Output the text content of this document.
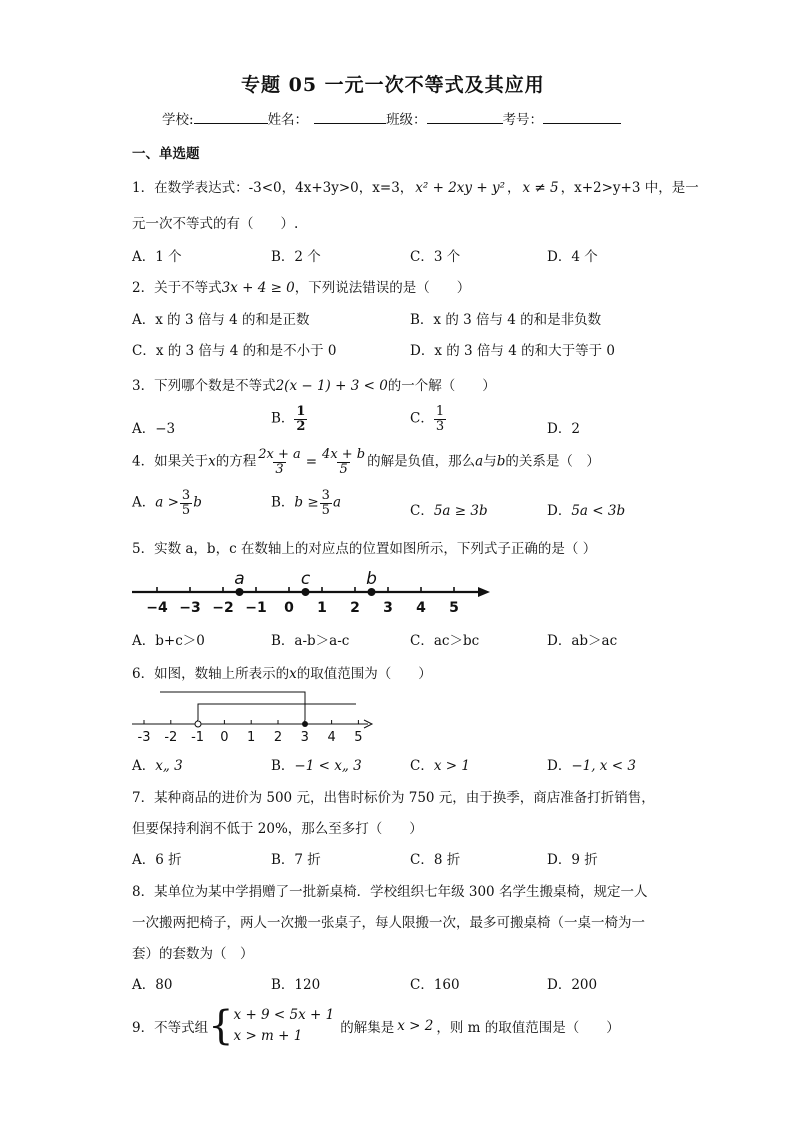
专题 05 一元一次不等式及其应用
学校:	姓名：	班级：	考号：
一、单选题
1．在数学表达式：-3<0，4x+3y>0，x=3， x² + 2xy + y² ， x ≠ 5 ，x+2>y+3 中，是一
元一次不等式的有（　　）.
A．1 个	B．2 个	C．3 个	D．4 个
2．关于不等式3x + 4 ≥ 0，下列说法错误的是（　　）
A．x 的 3 倍与 4 的和是正数	B．x 的 3 倍与 4 的和是非负数
C．x 的 3 倍与 4 的和是不小于 0	D．x 的 3 倍与 4 的和大于等于 0
3．下列哪个数是不等式2(x − 1) + 3 < 0的一个解（　　）
A．−3
B． $\frac{1}{2}$	C． $\frac{1}{3}$	D．2
4．如果关于x的方程 $\frac{2x + a}{3} = \frac{4x + b}{5}$ 的解是负值，那么a与b的关系是（　）
A．$a > \frac{3}{5}$ b	B．$b \ge \frac{3}{5}$ a
C．5a ≥ 3b	D．5a < 3b
5．实数 a，b，c 在数轴上的对应点的位置如图所示，下列式子正确的是（ ）
−4 −3 −2 −1 0 1 2 3 4 5
a	c	b
A．b+c＞0	B．a-b＞a-c	C．ac＞bc	D．ab＞ac
6．如图，数轴上所表示的x的取值范围为（　　）
-3 -2 -1 0 1 2 3 4 5
A．x„ 3	B．−1 < x„ 3	C．x > 1	D．−1, x < 3
7．某种商品的进价为 500 元，出售时标价为 750 元，由于换季，商店准备打折销售，
但要保持利润不低于 20%，那么至多打（　　）
A．6 折	B．7 折	C．8 折	D．9 折
8．某单位为某中学捐赠了一批新桌椅．学校组织七年级 300 名学生搬桌椅，规定一人
一次搬两把椅子，两人一次搬一张桌子，每人限搬一次，最多可搬桌椅（一桌一椅为一
套）的套数为（　）
A．80	B．120	C．160	D．200
9．不等式组 { x + 9 < 5x + 1
x > m + 1	的解集是 x > 2 ，则 m 的取值范围是（　　）
